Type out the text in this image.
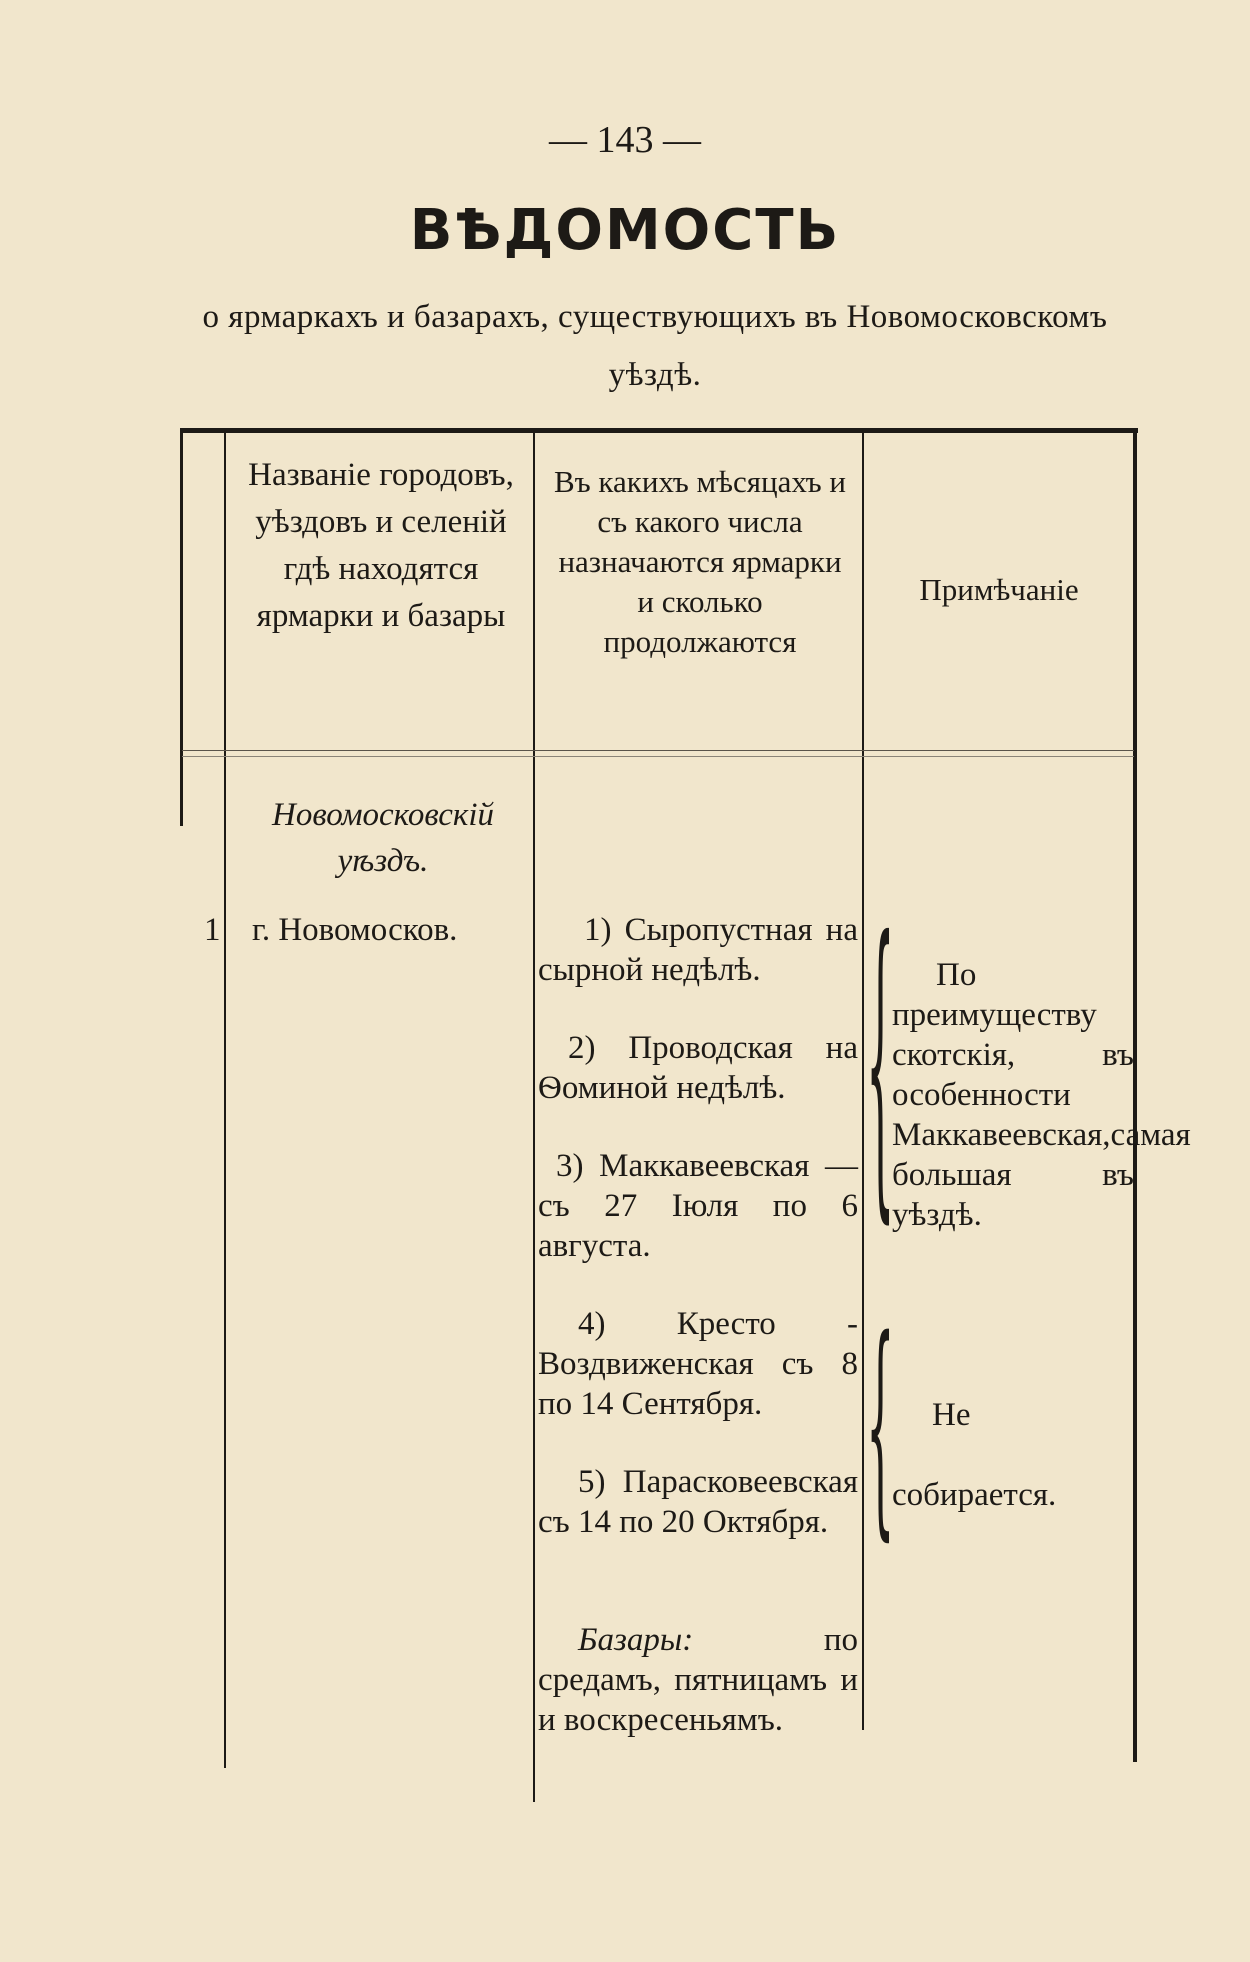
— 143 —
ВѢДОМОСТЬ
о ярмаркахъ и базарахъ, существующихъ въ Новомосковскомъ уѣздѣ.
Названіе городовъ, уѣздовъ и селеній гдѣ находятся ярмарки и базары
Въ какихъ мѣсяцахъ и съ какого числа назначаются ярмарки и сколько продолжаются
Примѣчаніе
Новомосковскій уѣздъ.
1 г. Новомосков.	1) Сыропустная на сырной недѣлѣ.
2) Проводская на Ѳоминой недѣлѣ.
3) Маккавеевская —съ 27 Іюля по 6 августа.
4) Кресто - Воздвиженская съ 8 по 14 Сентября.
5) Парасковеевская съ 14 по 20 Октября.
Базары:	по средамъ, пятницамъ и и воскресеньямъ.
{
{
По преимуществу скотскія, въ особенности Маккавеевская,самая большая въ уѣздѣ.
Не собирается.
